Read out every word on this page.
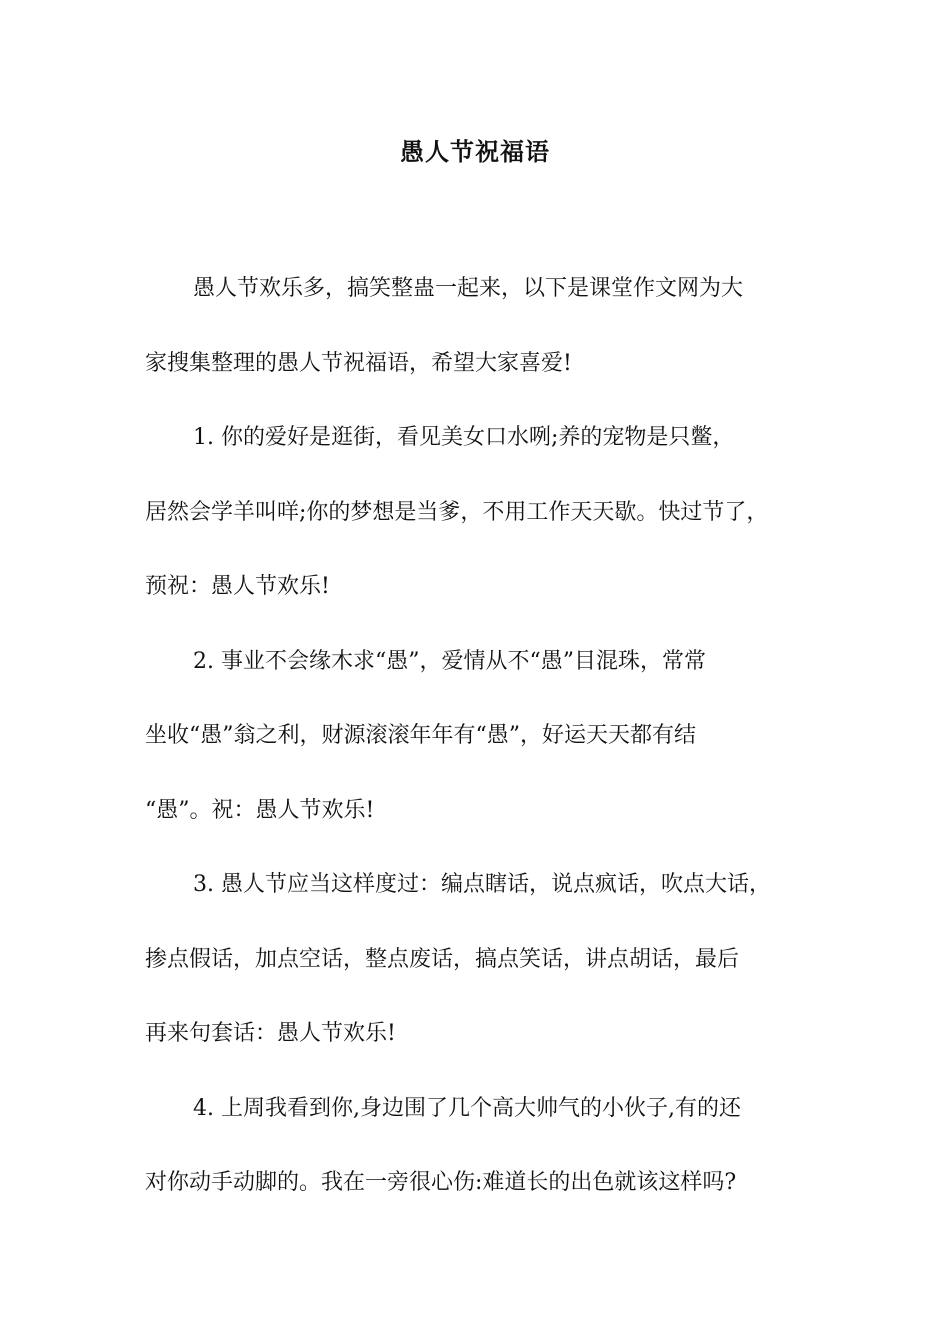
愚人节祝福语
愚人节欢乐多，搞笑整蛊一起来，以下是课堂作文网为大
家搜集整理的愚人节祝福语，希望大家喜爱!
1. 你的爱好是逛街，看见美女口水咧;养的宠物是只鳖，
居然会学羊叫咩;你的梦想是当爹，不用工作天天歇。快过节了，
预祝：愚人节欢乐!
2. 事业不会缘木求“愚”，爱情从不“愚”目混珠，常常
坐收“愚”翁之利，财源滚滚年年有“愚”，好运天天都有结
“愚”。祝：愚人节欢乐!
3. 愚人节应当这样度过：编点瞎话，说点疯话，吹点大话，
掺点假话，加点空话，整点废话，搞点笑话，讲点胡话，最后
再来句套话：愚人节欢乐!
4. 上周我看到你,身边围了几个高大帅气的小伙子,有的还
对你动手动脚的。我在一旁很心伤:难道长的出色就该这样吗?
